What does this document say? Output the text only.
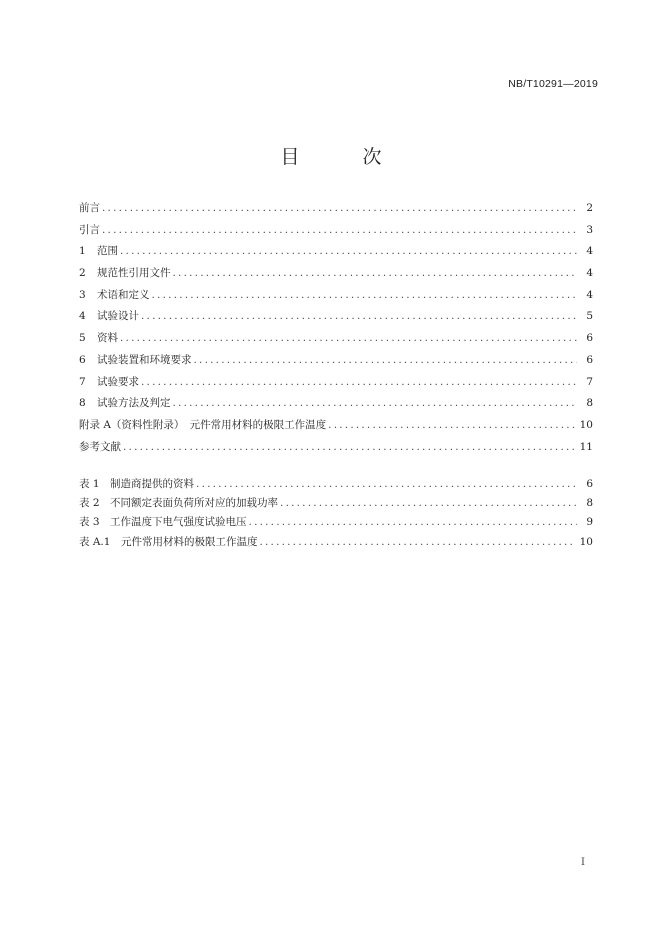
NB/T10291—2019
目　次
前言 .....	2
引言 .....	3
1	范围 .....	4
2	规范性引用文件 .....	4
3	术语和定义 .....	4
4	试验设计 .....	5
5	资料 .....	6
6	试验装置和环境要求 .....	6
7	试验要求 .....	7
8	试验方法及判定 .....	8
附录 A（资料性附录）　元件常用材料的极限工作温度 .....	10
参考文献 .....	11
表 1　制造商提供的资料 .....	6
表 2　不同额定表面负荷所对应的加载功率 .....	8
表 3　工作温度下电气强度试验电压 .....	9
表 A.1　元件常用材料的极限工作温度 .....	10
I
